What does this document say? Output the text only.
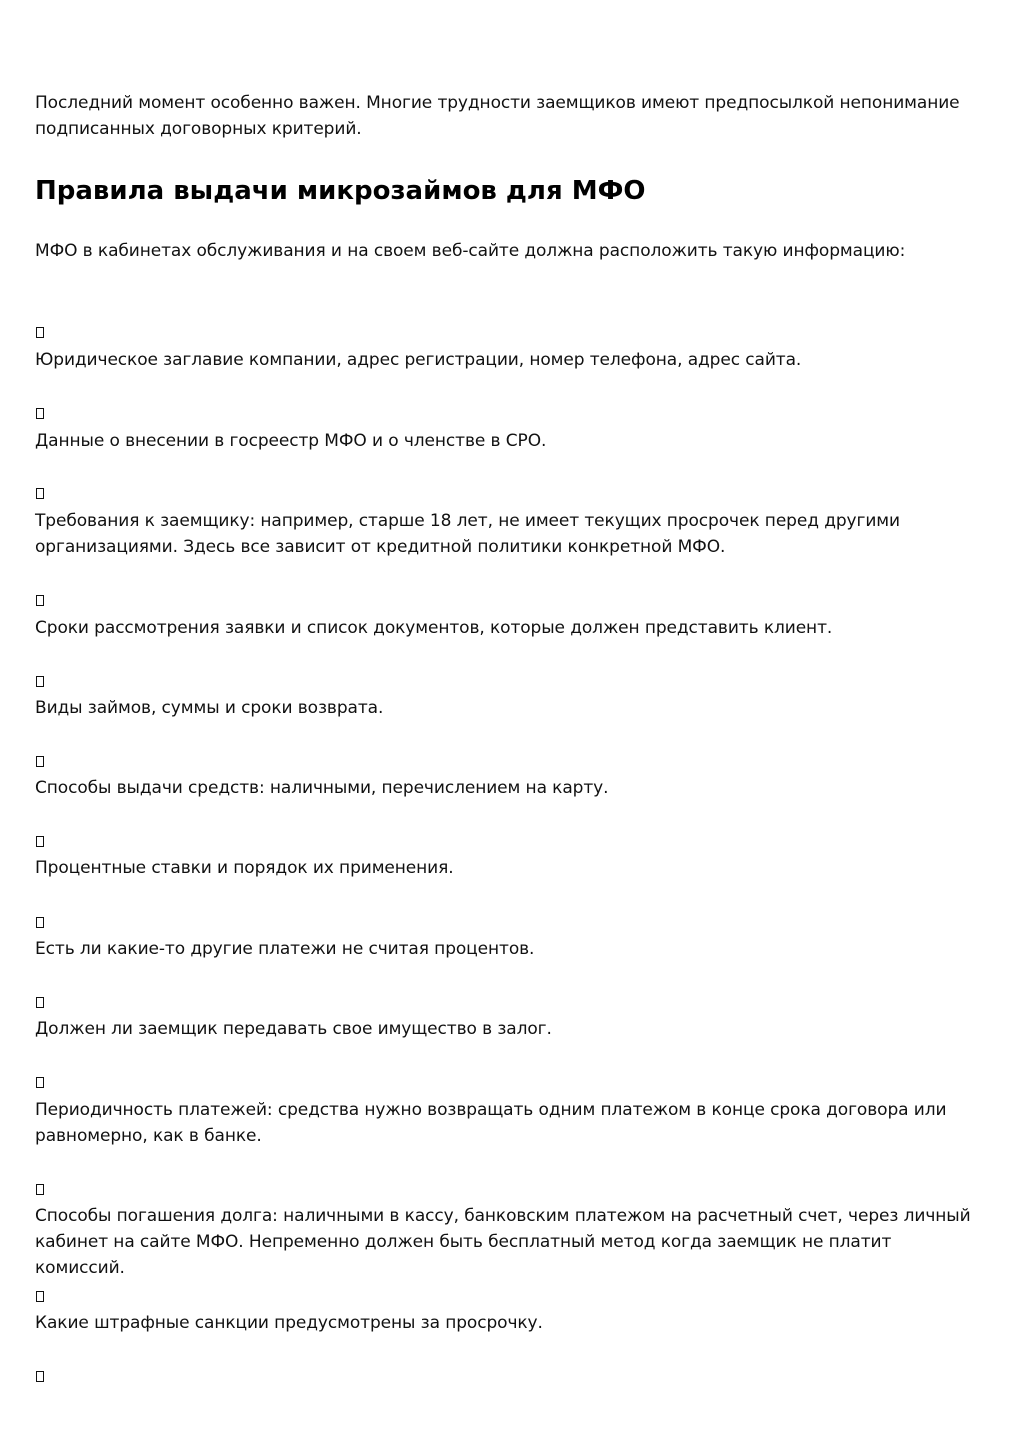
Последний момент особенно важен. Многие трудности заемщиков имеют предпосылкой непонимание подписанных договорных критерий.

Правила выдачи микрозаймов для МФО

МФО в кабинетах обслуживания и на своем веб-сайте должна расположить такую информацию:

Юридическое заглавие компании, адрес регистрации, номер телефона, адрес сайта.

Данные о внесении в госреестр МФО и о членстве в СРО.

Требования к заемщику: например, старше 18 лет, не имеет текущих просрочек перед другими организациями. Здесь все зависит от кредитной политики конкретной МФО.

Сроки рассмотрения заявки и список документов, которые должен представить клиент.

Виды займов, суммы и сроки возврата.

Способы выдачи средств: наличными, перечислением на карту.

Процентные ставки и порядок их применения.

Есть ли какие-то другие платежи не считая процентов.

Должен ли заемщик передавать свое имущество в залог.

Периодичность платежей: средства нужно возвращать одним платежом в конце срока договора или равномерно, как в банке.

Способы погашения долга: наличными в кассу, банковским платежом на расчетный счет, через личный кабинет на сайте МФО. Непременно должен быть бесплатный метод когда заемщик не платит комиссий.

Какие штрафные санкции предусмотрены за просрочку.
